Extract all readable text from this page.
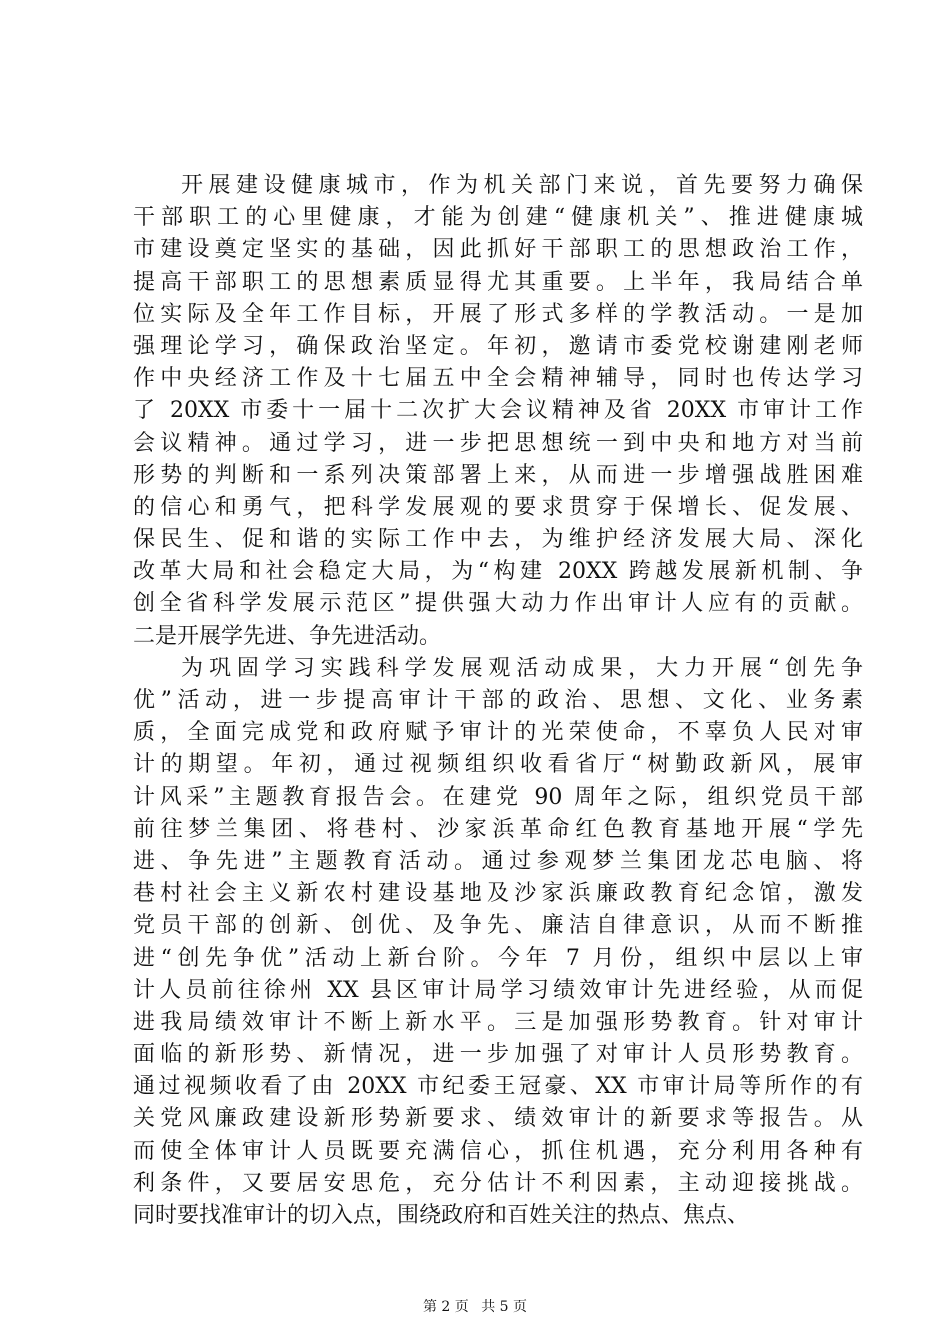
开展建设健康城市，作为机关部门来说，首先要努力确保
干部职工的心里健康，才能为创建“健康机关”、推进健康城
市建设奠定坚实的基础，因此抓好干部职工的思想政治工作，
提高干部职工的思想素质显得尤其重要。上半年，我局结合单
位实际及全年工作目标，开展了形式多样的学教活动。一是加
强理论学习，确保政治坚定。年初，邀请市委党校谢建刚老师
作中央经济工作及十七届五中全会精神辅导，同时也传达学习
了 20XX 市委十一届十二次扩大会议精神及省 20XX 市审计工作
会议精神。通过学习，进一步把思想统一到中央和地方对当前
形势的判断和一系列决策部署上来，从而进一步增强战胜困难
的信心和勇气，把科学发展观的要求贯穿于保增长、促发展、
保民生、促和谐的实际工作中去，为维护经济发展大局、深化
改革大局和社会稳定大局，为“构建 20XX 跨越发展新机制、争
创全省科学发展示范区”提供强大动力作出审计人应有的贡献。
二是开展学先进、争先进活动。
为巩固学习实践科学发展观活动成果，大力开展“创先争
优”活动，进一步提高审计干部的政治、思想、文化、业务素
质，全面完成党和政府赋予审计的光荣使命，不辜负人民对审
计的期望。年初，通过视频组织收看省厅“树勤政新风，展审
计风采”主题教育报告会。在建党 90 周年之际，组织党员干部
前往梦兰集团、将巷村、沙家浜革命红色教育基地开展“学先
进、争先进”主题教育活动。通过参观梦兰集团龙芯电脑、将
巷村社会主义新农村建设基地及沙家浜廉政教育纪念馆，激发
党员干部的创新、创优、及争先、廉洁自律意识，从而不断推
进“创先争优”活动上新台阶。今年 7 月份，组织中层以上审
计人员前往徐州 XX 县区审计局学习绩效审计先进经验，从而促
进我局绩效审计不断上新水平。三是加强形势教育。针对审计
面临的新形势、新情况，进一步加强了对审计人员形势教育。
通过视频收看了由 20XX 市纪委王冠豪、XX 市审计局等所作的有
关党风廉政建设新形势新要求、绩效审计的新要求等报告。从
而使全体审计人员既要充满信心，抓住机遇，充分利用各种有
利条件，又要居安思危，充分估计不利因素，主动迎接挑战。
同时要找准审计的切入点，围绕政府和百姓关注的热点、焦点、
第 2 页 共 5 页
